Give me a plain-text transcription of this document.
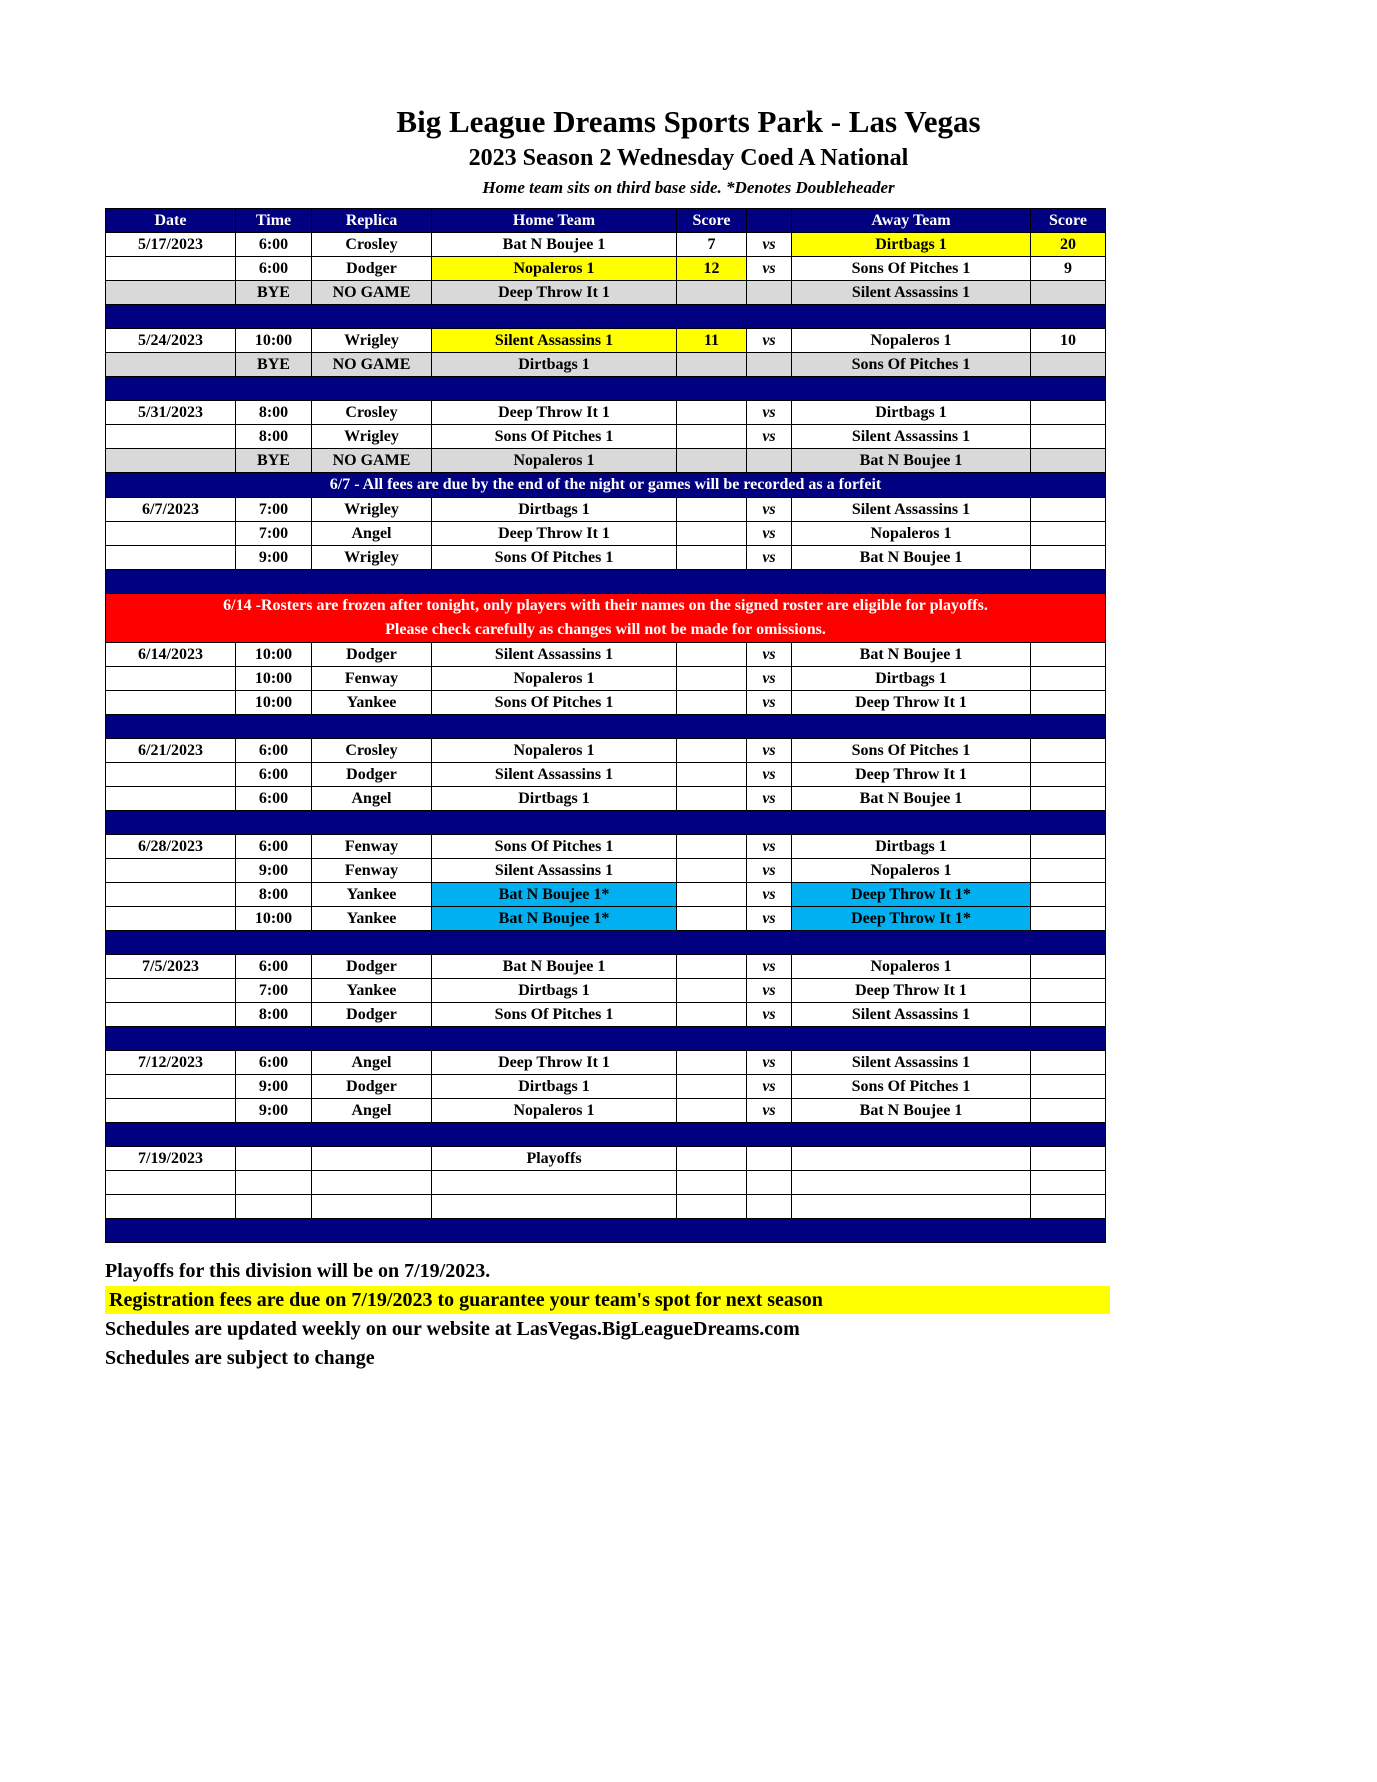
Big League Dreams Sports Park - Las Vegas
2023 Season 2 Wednesday Coed A National
Home team sits on third base side. *Denotes Doubleheader
Date	Time	Replica	Home Team	Score		Away Team	Score
5/17/2023	6:00	Crosley	Bat N Boujee 1	7	vs	Dirtbags 1	20
	6:00	Dodger	Nopaleros 1	12	vs	Sons Of Pitches 1	9
	BYE	NO GAME	Deep Throw It 1			Silent Assassins 1	

5/24/2023	10:00	Wrigley	Silent Assassins 1	11	vs	Nopaleros 1	10
	BYE	NO GAME	Dirtbags 1			Sons Of Pitches 1	

5/31/2023	8:00	Crosley	Deep Throw It 1		vs	Dirtbags 1	
	8:00	Wrigley	Sons Of Pitches 1		vs	Silent Assassins 1	
	BYE	NO GAME	Nopaleros 1			Bat N Boujee 1	

6/7 - All fees are due by the end of the night or games will be recorded as a forfeit							

6/7/2023	7:00	Wrigley	Dirtbags 1		vs	Silent Assassins 1	
	7:00	Angel	Deep Throw It 1		vs	Nopaleros 1	
	9:00	Wrigley	Sons Of Pitches 1		vs	Bat N Boujee 1	

6/14 -Rosters are frozen after tonight, only players with their names on the signed roster are eligible for playoffs.
Please check carefully as changes will not be made for omissions.							

6/14/2023	10:00	Dodger	Silent Assassins 1		vs	Bat N Boujee 1	
	10:00	Fenway	Nopaleros 1		vs	Dirtbags 1	
	10:00	Yankee	Sons Of Pitches 1		vs	Deep Throw It 1	

6/21/2023	6:00	Crosley	Nopaleros 1		vs	Sons Of Pitches 1	
	6:00	Dodger	Silent Assassins 1		vs	Deep Throw It 1	
	6:00	Angel	Dirtbags 1		vs	Bat N Boujee 1	

6/28/2023	6:00	Fenway	Sons Of Pitches 1		vs	Dirtbags 1	
	9:00	Fenway	Silent Assassins 1		vs	Nopaleros 1	
	8:00	Yankee	Bat N Boujee 1*		vs	Deep Throw It 1*	
	10:00	Yankee	Bat N Boujee 1*		vs	Deep Throw It 1*	

7/5/2023	6:00	Dodger	Bat N Boujee 1		vs	Nopaleros 1	
	7:00	Yankee	Dirtbags 1		vs	Deep Throw It 1	
	8:00	Dodger	Sons Of Pitches 1		vs	Silent Assassins 1	

7/12/2023	6:00	Angel	Deep Throw It 1		vs	Silent Assassins 1	
	9:00	Dodger	Dirtbags 1		vs	Sons Of Pitches 1	
	9:00	Angel	Nopaleros 1		vs	Bat N Boujee 1	

7/19/2023			Playoffs				

Playoffs for this division will be on 7/19/2023.
Registration fees are due on 7/19/2023 to guarantee your team's spot for next season
Schedules are updated weekly on our website at LasVegas.BigLeagueDreams.com
Schedules are subject to change
